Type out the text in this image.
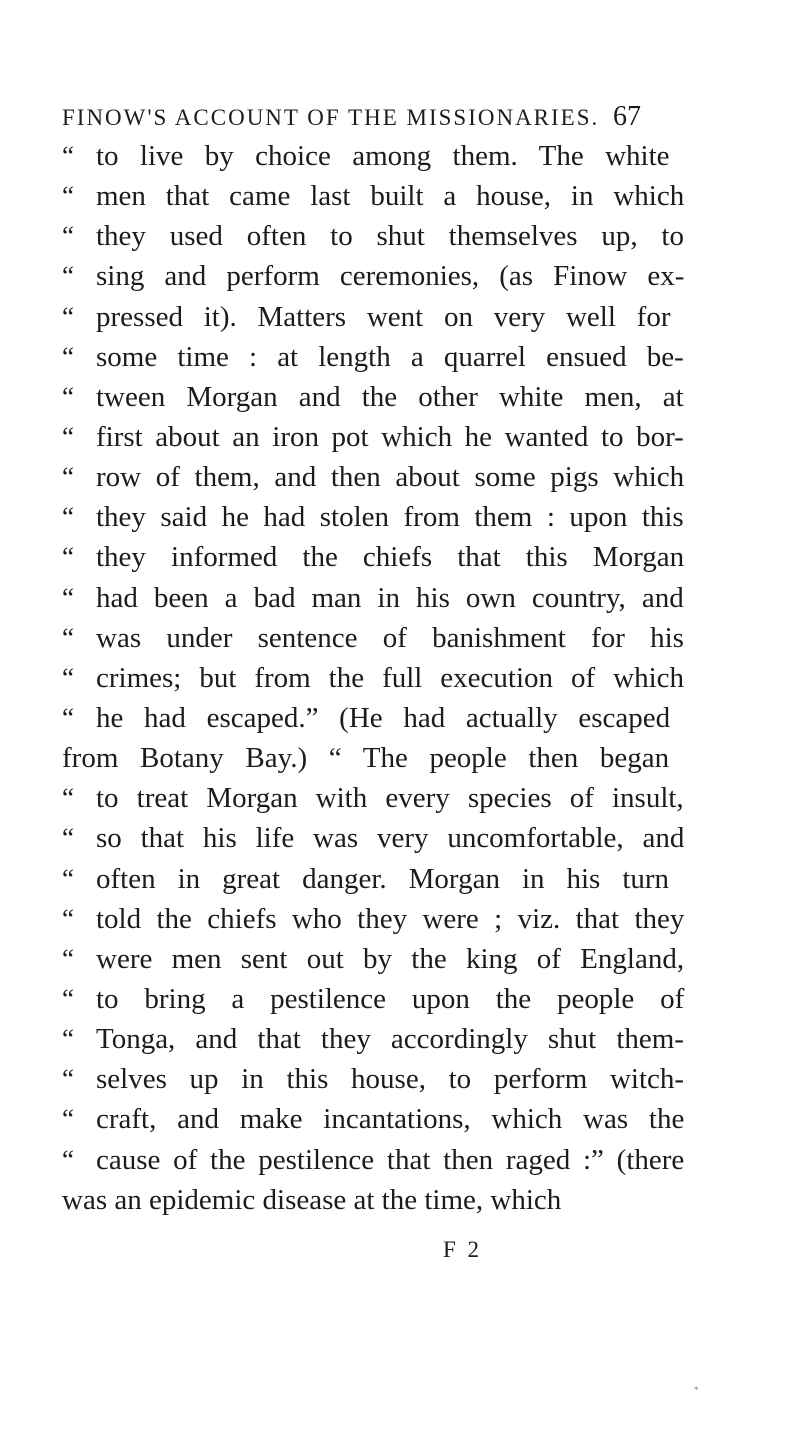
FINOW'S ACCOUNT OF THE MISSIONARIES. 67
“ to live by choice among them. The white
“ men that came last built a house, in which
“ they used often to shut themselves up, to
“ sing and perform ceremonies, (as Finow ex-
“ pressed it). Matters went on very well for
“ some time : at length a quarrel ensued be-
“ tween Morgan and the other white men, at
“ first about an iron pot which he wanted to bor-
“ row of them, and then about some pigs which
“ they said he had stolen from them : upon this
“ they informed the chiefs that this Morgan
“ had been a bad man in his own country, and
“ was under sentence of banishment for his
“ crimes; but from the full execution of which
“ he had escaped.” (He had actually escaped
from Botany Bay.) “ The people then began
“ to treat Morgan with every species of insult,
“ so that his life was very uncomfortable, and
“ often in great danger. Morgan in his turn
“ told the chiefs who they were ; viz. that they
“ were men sent out by the king of England,
“ to bring a pestilence upon the people of
“ Tonga, and that they accordingly shut them-
“ selves up in this house, to perform witch-
“ craft, and make incantations, which was the
“ cause of the pestilence that then raged :” (there
was an epidemic disease at the time, which
F 2
*
